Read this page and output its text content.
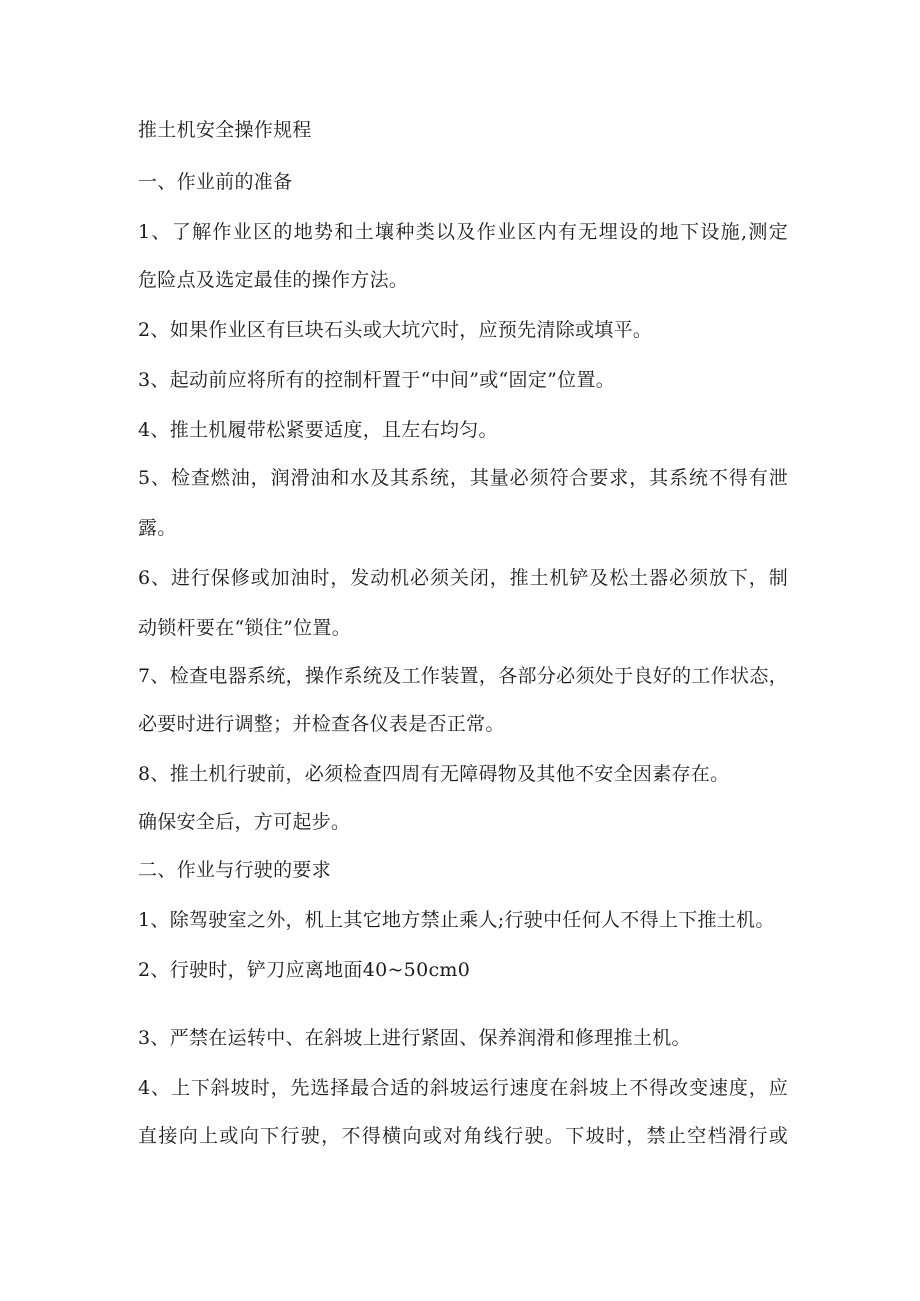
推土机安全操作规程
一、作业前的准备
1、了解作业区的地势和土壤种类以及作业区内有无埋设的地下设施,测定
危险点及选定最佳的操作方法。
2、如果作业区有巨块石头或大坑穴时，应预先清除或填平。
3、起动前应将所有的控制杆置于“中间”或“固定”位置。
4、推土机履带松紧要适度，且左右均匀。
5、检查燃油，润滑油和水及其系统，其量必须符合要求，其系统不得有泄
露。
6、进行保修或加油时，发动机必须关闭，推土机铲及松土器必须放下，制
动锁杆要在“锁住”位置。
7、检查电器系统，操作系统及工作装置，各部分必须处于良好的工作状态，
必要时进行调整；并检查各仪表是否正常。
8、推土机行驶前，必须检查四周有无障碍物及其他不安全因素存在。
确保安全后，方可起步。
二、作业与行驶的要求
1、除驾驶室之外，机上其它地方禁止乘人;行驶中任何人不得上下推土机。
2、行驶时，铲刀应离地面40~50cm0
3、严禁在运转中、在斜坡上进行紧固、保养润滑和修理推土机。
4、上下斜坡时，先选择最合适的斜坡运行速度在斜坡上不得改变速度，应
直接向上或向下行驶，不得横向或对角线行驶。下坡时，禁止空档滑行或
